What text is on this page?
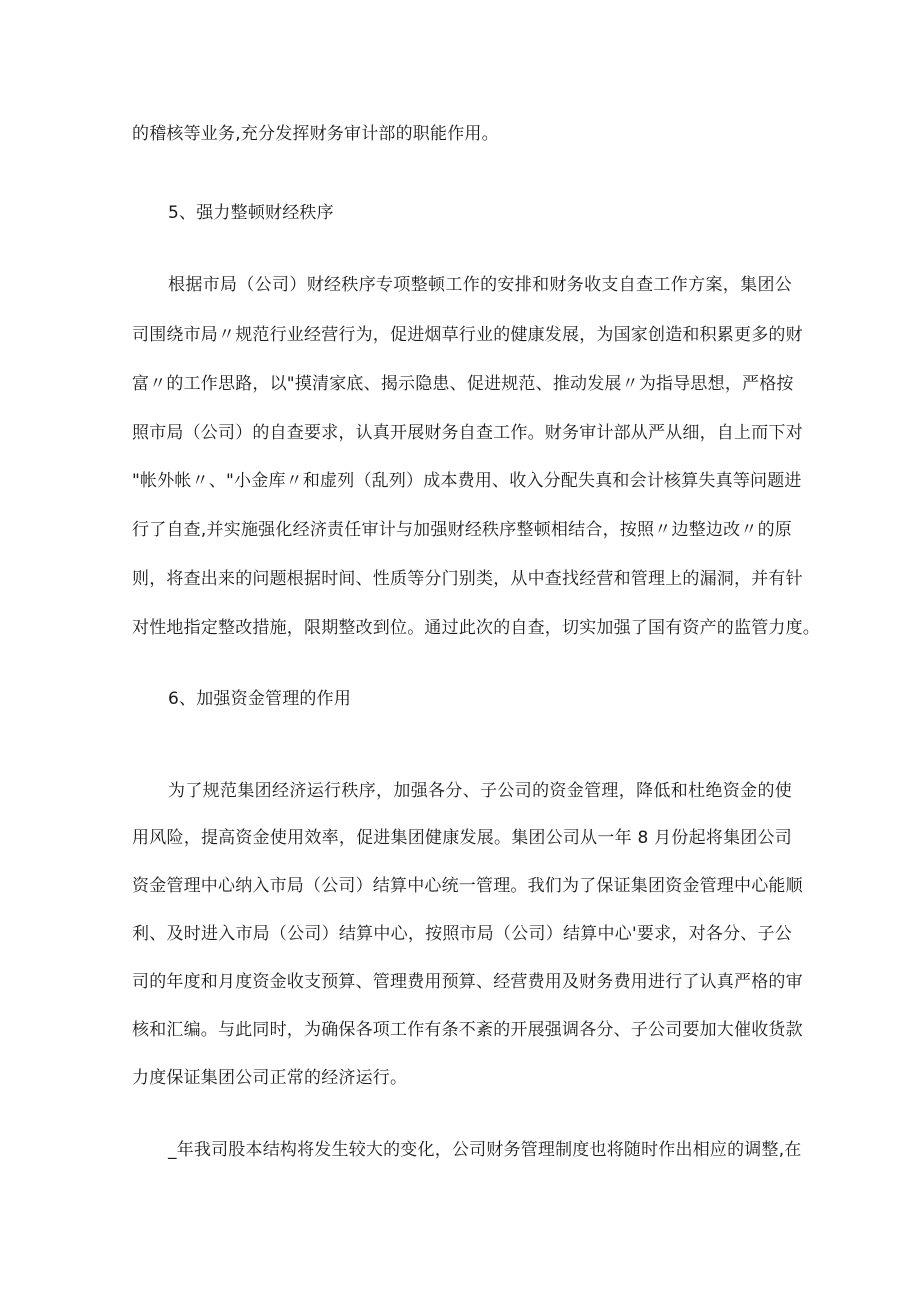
的稽核等业务,充分发挥财务审计部的职能作用。
5、强力整顿财经秩序
根据市局（公司）财经秩序专项整顿工作的安排和财务收支自查工作方案，集团公
司围绕市局〃规范行业经营行为，促进烟草行业的健康发展，为国家创造和积累更多的财
富〃的工作思路，以"摸清家底、揭示隐患、促进规范、推动发展〃为指导思想，严格按
照市局（公司）的自查要求，认真开展财务自查工作。财务审计部从严从细，自上而下对
"帐外帐〃、"小金库〃和虚列（乱列）成本费用、收入分配失真和会计核算失真等问题进
行了自查,并实施强化经济责任审计与加强财经秩序整顿相结合，按照〃边整边改〃的原
则，将查出来的问题根据时间、性质等分门别类，从中查找经营和管理上的漏洞，并有针
对性地指定整改措施，限期整改到位。通过此次的自查，切实加强了国有资产的监管力度。
6、加强资金管理的作用
为了规范集团经济运行秩序，加强各分、子公司的资金管理，降低和杜绝资金的使
用风险，提高资金使用效率，促进集团健康发展。集团公司从一年 8 月份起将集团公司
资金管理中心纳入市局（公司）结算中心统一管理。我们为了保证集团资金管理中心能顺
利、及时进入市局（公司）结算中心，按照市局（公司）结算中心'要求，对各分、子公
司的年度和月度资金收支预算、管理费用预算、经营费用及财务费用进行了认真严格的审
核和汇编。与此同时，为确保各项工作有条不紊的开展强调各分、子公司要加大催收货款
力度保证集团公司正常的经济运行。
_年我司股本结构将发生较大的变化，公司财务管理制度也将随时作出相应的调整,在
